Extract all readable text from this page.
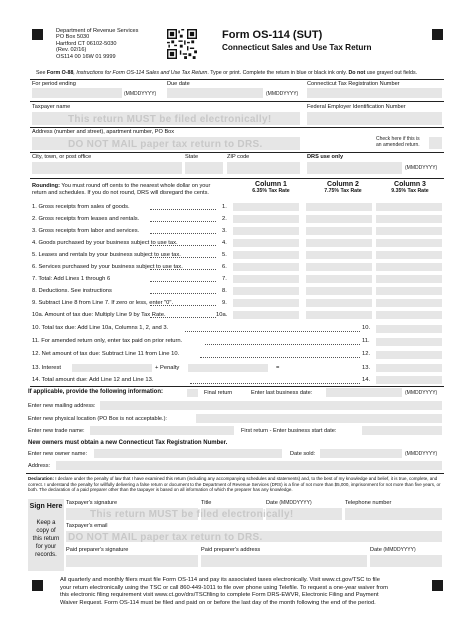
Department of Revenue Services
PO Box 5030
Hartford CT 06102-5030
(Rev. 02/16)
OS114 00 16W 01 9999
Form OS-114 (SUT)
Connecticut Sales and Use Tax Return
See Form O-88, Instructions for Form OS-114 Sales and Use Tax Return. Type or print. Complete the return in blue or black ink only. Do not use grayed out fields.
For period ending
(MMDDYYYY)
Due date
(MMDDYYYY)
Connecticut Tax Registration Number
Taxpayer name
This return MUST be filed electronically!
Federal Employer Identification Number
Address (number and street), apartment number, PO Box
DO NOT MAIL paper tax return to DRS.	Check here if this is
an amended return.
City, town, or post office	State	ZIP code	DRS use only
(MMDDYYYY)
Rounding: You must round off cents to the nearest whole dollar on your
return and schedules. If you do not round, DRS will disregard the cents.
Column 1
6.35% Tax Rate
Column 2
7.75% Tax Rate
Column 3
9.35% Tax Rate
1. Gross receipts from sales of goods.
2. Gross receipts from leases and rentals.
3. Gross receipts from labor and services.
4. Goods purchased by your business subject to use tax.
5. Leases and rentals by your business subject to use tax.
6. Services purchased by your business subject to use tax.
7. Total: Add Lines 1 through 6
8. Deductions. See instructions
9. Subtract Line 8 from Line 7. If zero or less, enter "0".
10a. Amount of tax due: Multiply Line 9 by Tax Rate.
1.
2.
3.
4.
5.
6.
7.
8.
9.
10a.
10. Total tax due: Add Line 10a, Columns 1, 2, and 3.
11. For amended return only, enter tax paid on prior return.
12. Net amount of tax due: Subtract Line 11 from Line 10.
10.
11.
12.
13. Interest	+ Penalty	=	13.
14. Total amount due: Add Line 12 and Line 13.	14.
If applicable, provide the following information:	Final return	Enter last business date:	(MMDDYYYY)
Enter new mailing address:
Enter new physical location (PO Box is not acceptable.):
Enter new trade name:	First return - Enter business start date:
New owners must obtain a new Connecticut Tax Registration Number.
Enter new owner name:	Date sold:	(MMDDYYYY)
Address:
Declaration: I declare under the penalty of law that I have examined this return (including any accompanying schedules and statements) and, to the best of my knowledge and belief, it is true, complete, and correct. I understand the penalty for willfully delivering a false return or document to the Department of Revenue Services (DRS) is a fine of not more than $5,000, imprisonment for not more than five years, or both. The declaration of a paid preparer other than the taxpayer is based on all information of which the preparer has any knowledge.
Sign Here
Keep a
copy of
this return
for your
records.
Taxpayer's signature	Title	Date (MMDDYYYY)	Telephone number
This return MUST be filed electronically!
Taxpayer's email
DO NOT MAIL paper tax return to DRS.
Paid preparer's signature	Paid preparer's address	Date (MMDDYYYY)
All quarterly and monthly filers must file Form OS-114 and pay its associated taxes electronically. Visit www.ct.gov/TSC to file
your return electronically using the TSC or call 860-449-1011 to file over phone using Telefile. To request a one-year waiver from
this electronic filing requirement visit www.ct.gov/drs/TSCfiling to complete Form DRS-EWVR, Electronic Filing and Payment
Waiver Request. Form OS-114 must be filed and paid on or before the last day of the month following the end of the period.
